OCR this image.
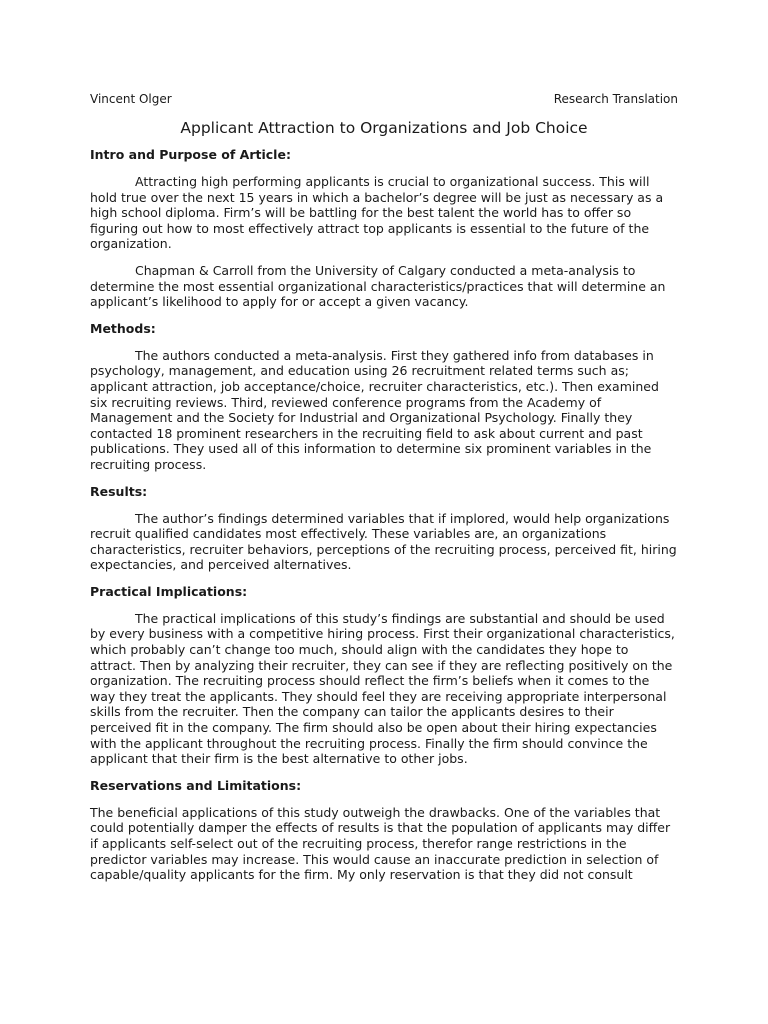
Vincent Olger	Research Translation
Applicant Attraction to Organizations and Job Choice
Intro and Purpose of Article:

Attracting high performing applicants is crucial to organizational success. This will hold true over the next 15 years in which a bachelor’s degree will be just as necessary as a high school diploma. Firm’s will be battling for the best talent the world has to offer so figuring out how to most effectively attract top applicants is essential to the future of the organization.

Chapman & Carroll from the University of Calgary conducted a meta-analysis to determine the most essential organizational characteristics/practices that will determine an applicant’s likelihood to apply for or accept a given vacancy.

Methods:

The authors conducted a meta-analysis. First they gathered info from databases in psychology, management, and education using 26 recruitment related terms such as; applicant attraction, job acceptance/choice, recruiter characteristics, etc.). Then examined six recruiting reviews. Third, reviewed conference programs from the Academy of Management and the Society for Industrial and Organizational Psychology. Finally they contacted 18 prominent researchers in the recruiting field to ask about current and past publications. They used all of this information to determine six prominent variables in the recruiting process.

Results:

The author’s findings determined variables that if implored, would help organizations recruit qualified candidates most effectively. These variables are, an organizations characteristics, recruiter behaviors, perceptions of the recruiting process, perceived fit, hiring expectancies, and perceived alternatives.

Practical Implications:

The practical implications of this study’s findings are substantial and should be used by every business with a competitive hiring process. First their organizational characteristics, which probably can’t change too much, should align with the candidates they hope to attract. Then by analyzing their recruiter, they can see if they are reflecting positively on the organization. The recruiting process should reflect the firm’s beliefs when it comes to the way they treat the applicants. They should feel they are receiving appropriate interpersonal skills from the recruiter. Then the company can tailor the applicants desires to their perceived fit in the company. The firm should also be open about their hiring expectancies with the applicant throughout the recruiting process. Finally the firm should convince the applicant that their firm is the best alternative to other jobs.

Reservations and Limitations:

The beneficial applications of this study outweigh the drawbacks. One of the variables that could potentially damper the effects of results is that the population of applicants may differ if applicants self-select out of the recruiting process, therefor range restrictions in the predictor variables may increase. This would cause an inaccurate prediction in selection of capable/quality applicants for the firm. My only reservation is that they did not consult
